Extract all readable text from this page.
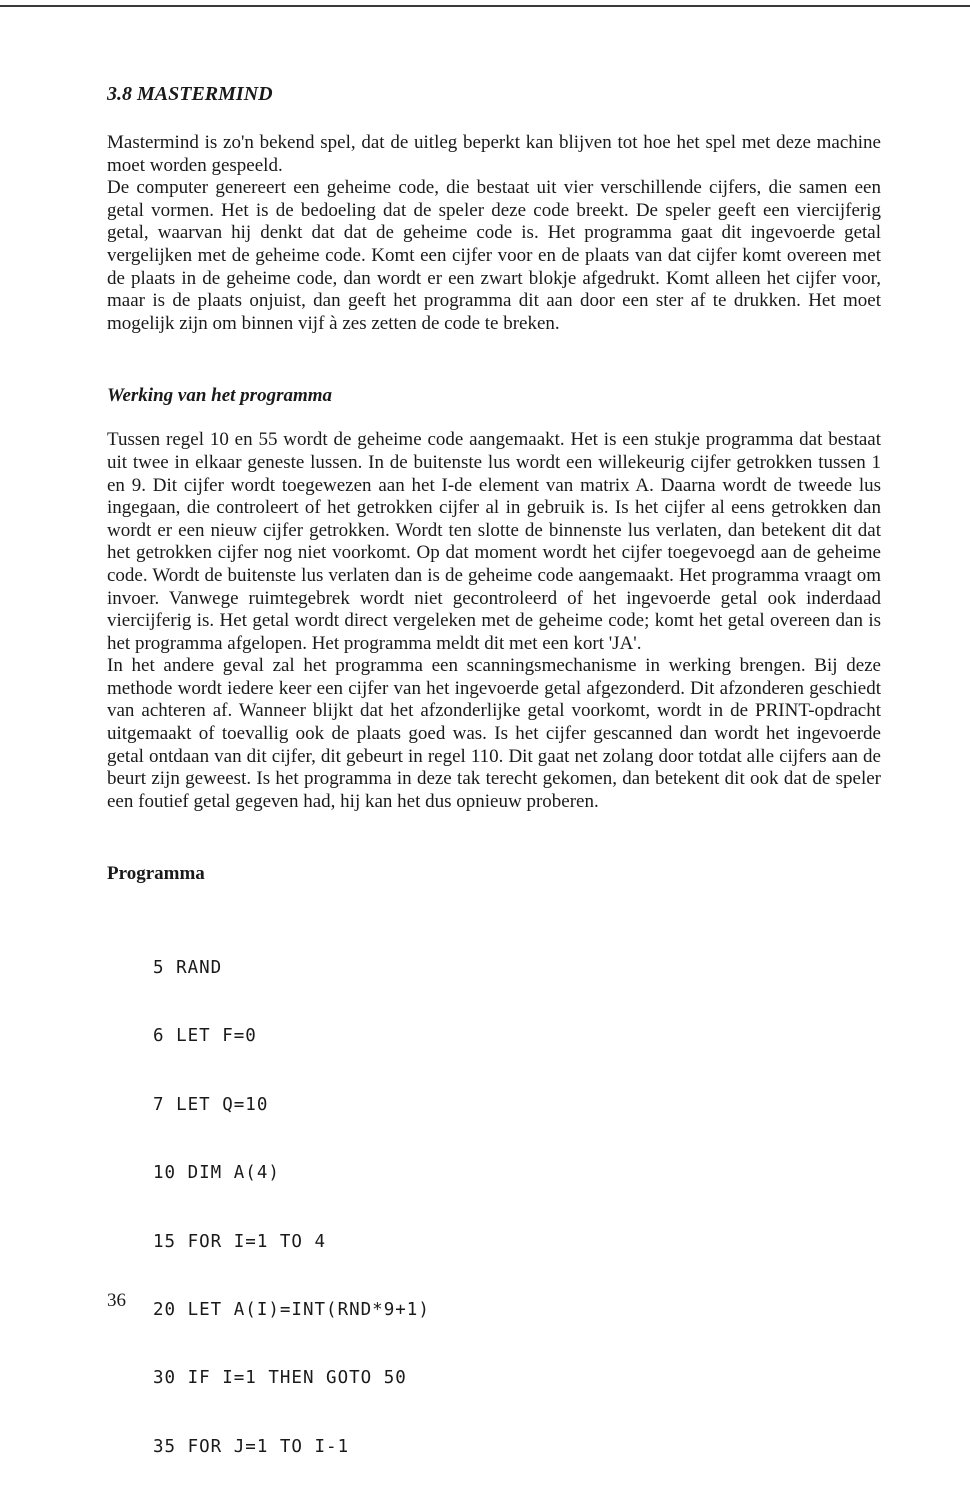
3.8 MASTERMIND

Mastermind is zo'n bekend spel, dat de uitleg beperkt kan blijven tot hoe het spel met deze machine moet worden gespeeld.

De computer genereert een geheime code, die bestaat uit vier verschillende cijfers, die samen een getal vormen. Het is de bedoeling dat de speler deze code breekt. De speler geeft een viercijferig getal, waarvan hij denkt dat dat de geheime code is. Het programma gaat dit ingevoerde getal vergelijken met de geheime code. Komt een cijfer voor en de plaats van dat cijfer komt overeen met de plaats in de geheime code, dan wordt er een zwart blokje afgedrukt. Komt alleen het cijfer voor, maar is de plaats onjuist, dan geeft het programma dit aan door een ster af te drukken. Het moet mogelijk zijn om binnen vijf à zes zetten de code te breken.

Werking van het programma

Tussen regel 10 en 55 wordt de geheime code aangemaakt. Het is een stukje programma dat bestaat uit twee in elkaar geneste lussen. In de buitenste lus wordt een willekeurig cijfer getrokken tussen 1 en 9. Dit cijfer wordt toegewezen aan het I-de element van matrix A. Daarna wordt de tweede lus ingegaan, die controleert of het getrokken cijfer al in gebruik is. Is het cijfer al eens getrokken dan wordt er een nieuw cijfer getrokken. Wordt ten slotte de binnenste lus verlaten, dan betekent dit dat het getrokken cijfer nog niet voorkomt. Op dat moment wordt het cijfer toegevoegd aan de geheime code. Wordt de buitenste lus verlaten dan is de geheime code aangemaakt. Het programma vraagt om invoer. Vanwege ruimtegebrek wordt niet gecontroleerd of het ingevoerde getal ook inderdaad viercijferig is. Het getal wordt direct vergeleken met de geheime code; komt het getal overeen dan is het programma afgelopen. Het programma meldt dit met een kort 'JA'.

In het andere geval zal het programma een scanningsmechanisme in werking brengen. Bij deze methode wordt iedere keer een cijfer van het ingevoerde getal afgezonderd. Dit afzonderen geschiedt van achteren af. Wanneer blijkt dat het afzonderlijke getal voorkomt, wordt in de PRINT-opdracht uitgemaakt of toevallig ook de plaats goed was. Is het cijfer gescanned dan wordt het ingevoerde getal ontdaan van dit cijfer, dit gebeurt in regel 110. Dit gaat net zolang door totdat alle cijfers aan de beurt zijn geweest. Is het programma in deze tak terecht gekomen, dan betekent dit ook dat de speler een foutief getal gegeven had, hij kan het dus opnieuw proberen.

Programma

5 RAND

6 LET F=0

7 LET Q=10

10 DIM A(4)

15 FOR I=1 TO 4

20 LET A(I)=INT(RND*9+1)

30 IF I=1 THEN GOTO 50

35 FOR J=1 TO I-1

36
